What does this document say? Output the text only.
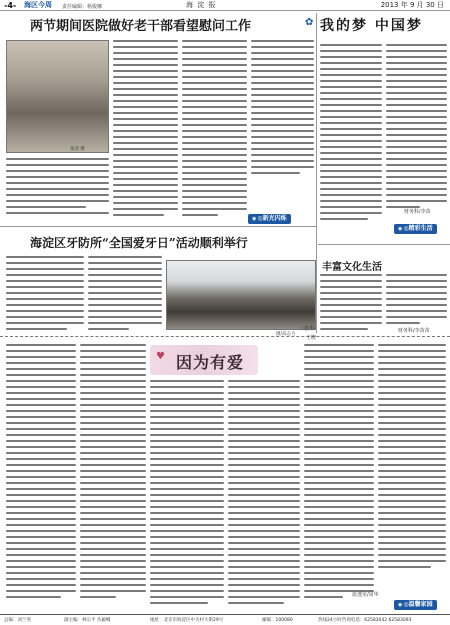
-4- 海区今周 责任编辑：杨俊娜	海 淀 报	2013 年 9 月 30 日
两节期间医院做好老干部看望慰问工作
张清 摄
◉ ◎新光闪烁
海淀区牙防所“全国爱牙日”活动顺利举行
摄/高志力
口腔科
王晓
✿ 我的梦 中国梦
财务科/李苗
◉ ◎精彩生活
丰富文化生活
财务科/李苗苗
♥ 因为有爱
血透室/周华
◉ ◎温馨家园
总编：刘兰英	副主编：林宗平 丛颖娜	地址：北京市海淀区中关村大街29号	邮编：100080	热线24小时咨询电话：62583042 62583093
